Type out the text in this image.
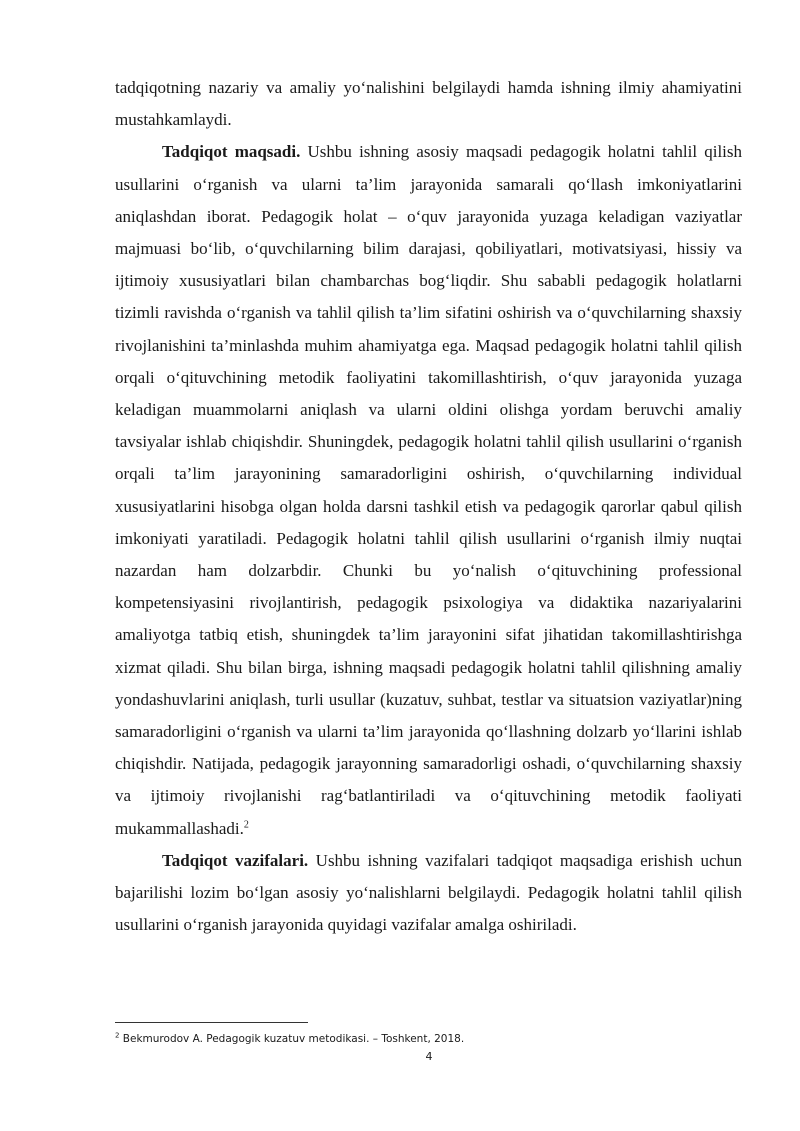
tadqiqotning nazariy va amaliy yo‘nalishini belgilaydi hamda ishning ilmiy ahamiyatini mustahkamlaydi.

Tadqiqot maqsadi. Ushbu ishning asosiy maqsadi pedagogik holatni tahlil qilish usullarini o‘rganish va ularni ta’lim jarayonida samarali qo‘llash imkoniyatlarini aniqlashdan iborat. Pedagogik holat – o‘quv jarayonida yuzaga keladigan vaziyatlar majmuasi bo‘lib, o‘quvchilarning bilim darajasi, qobiliyatlari, motivatsiyasi, hissiy va ijtimoiy xususiyatlari bilan chambarchas bog‘liqdir. Shu sababli pedagogik holatlarni tizimli ravishda o‘rganish va tahlil qilish ta’lim sifatini oshirish va o‘quvchilarning shaxsiy rivojlanishini ta’minlashda muhim ahamiyatga ega. Maqsad pedagogik holatni tahlil qilish orqali o‘qituvchining metodik faoliyatini takomillashtirish, o‘quv jarayonida yuzaga keladigan muammolarni aniqlash va ularni oldini olishga yordam beruvchi amaliy tavsiyalar ishlab chiqishdir. Shuningdek, pedagogik holatni tahlil qilish usullarini o‘rganish orqali ta’lim jarayonining samaradorligini oshirish, o‘quvchilarning individual xususiyatlarini hisobga olgan holda darsni tashkil etish va pedagogik qarorlar qabul qilish imkoniyati yaratiladi. Pedagogik holatni tahlil qilish usullarini o‘rganish ilmiy nuqtai nazardan ham dolzarbdir. Chunki bu yo‘nalish o‘qituvchining professional kompetensiyasini rivojlantirish, pedagogik psixologiya va didaktika nazariyalarini amaliyotga tatbiq etish, shuningdek ta’lim jarayonini sifat jihatidan takomillashtirishga xizmat qiladi. Shu bilan birga, ishning maqsadi pedagogik holatni tahlil qilishning amaliy yondashuvlarini aniqlash, turli usullar (kuzatuv, suhbat, testlar va situatsion vaziyatlar)ning samaradorligini o‘rganish va ularni ta’lim jarayonida qo‘llashning dolzarb yo‘llarini ishlab chiqishdir. Natijada, pedagogik jarayonning samaradorligi oshadi, o‘quvchilarning shaxsiy va ijtimoiy rivojlanishi rag‘batlantiriladi va o‘qituvchining metodik faoliyati mukammallashadi.$^2$

Tadqiqot vazifalari. Ushbu ishning vazifalari tadqiqot maqsadiga erishish uchun bajarilishi lozim bo‘lgan asosiy yo‘nalishlarni belgilaydi. Pedagogik holatni tahlil qilish usullarini o‘rganish jarayonida quyidagi vazifalar amalga oshiriladi.

$^2$ Bekmurodov A. Pedagogik kuzatuv metodikasi. – Toshkent, 2018.
4
